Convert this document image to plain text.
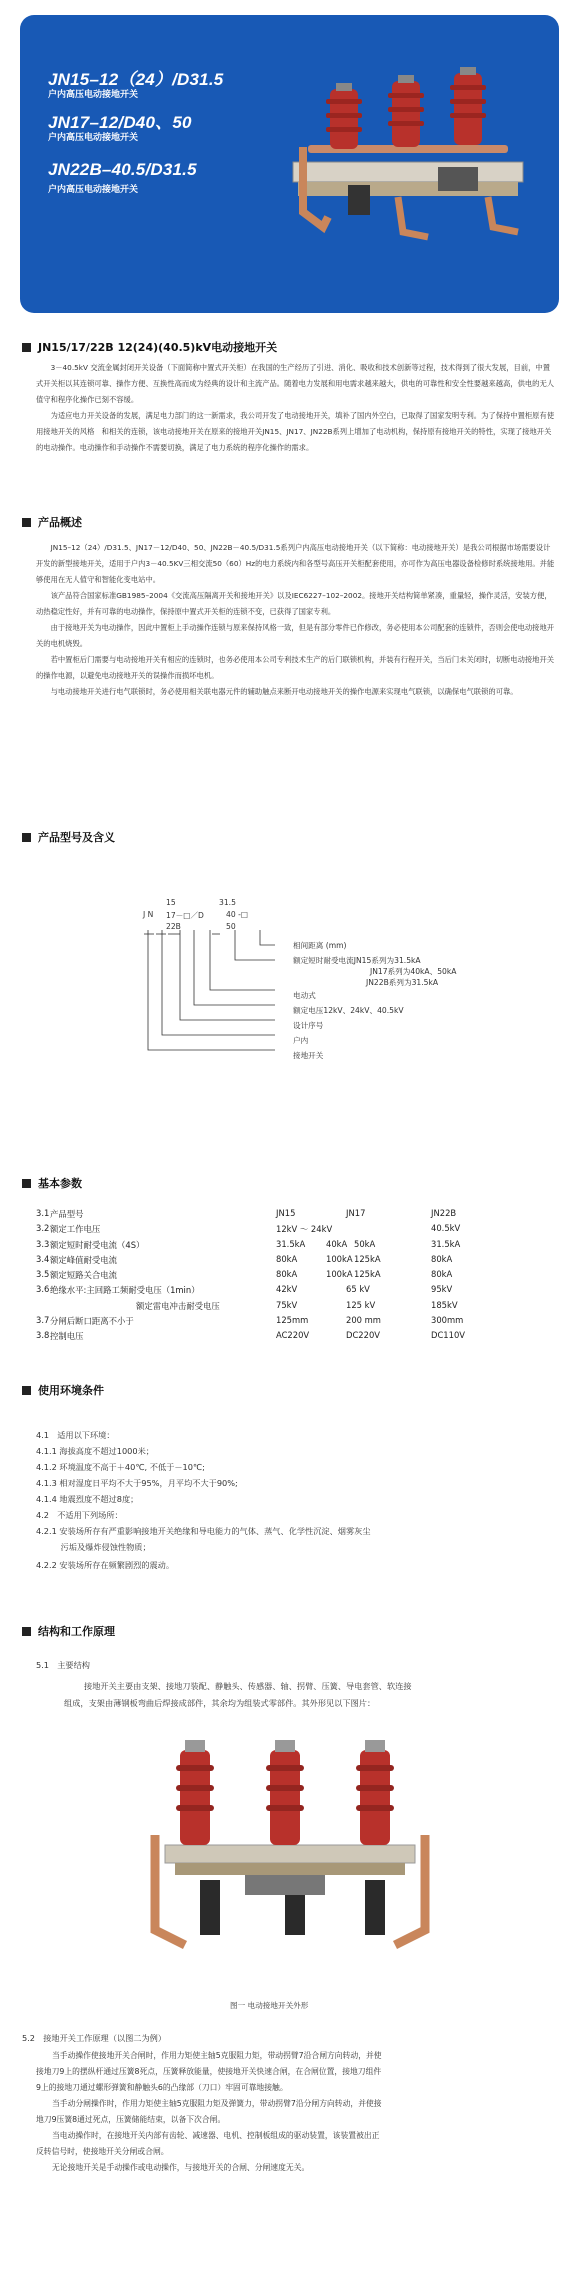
JN15–12（24）/D31.5
户内高压电动接地开关
JN17–12/D40、50
户内高压电动接地开关
JN22B–40.5/D31.5
户内高压电动接地开关
JN15/17/22B 12(24)(40.5)kV电动接地开关

3－40.5kV 交流金属封闭开关设备（下面简称中置式开关柜）在我国的生产经历了引进、消化、吸收和技术创新等过程，技术得到了很大发展，目前，中置式开关柜以其连锁可靠、操作方便、互换性高而成为经典的设计和主流产品。随着电力发展和用电需求越来越大，供电的可靠性和安全性要越来越高，供电的无人值守和程序化操作已刻不容缓。

为适应电力开关设备的发展，满足电力部门的这一新需求，我公司开发了电动接地开关，填补了国内外空白，已取得了国家发明专利。为了保持中置柜原有使用接地开关的风格　和相关的连锁，该电动接地开关在原来的接地开关JN15、JN17、JN22B系列上增加了电动机构，保持原有接地开关的特性，实现了接地开关的电动操作。电动操作和手动操作不需要切换，满足了电力系统的程序化操作的需求。

产品概述

JN15–12（24）/D31.5、JN17－12/D40、50、JN22B－40.5/D31.5系列户内高压电动接地开关（以下简称：电动接地开关）是我公司根据市场需要设计开发的新型接地开关，适用于户内3－40.5KV三相交流50（60）Hz的电力系统内和各型号高压开关柜配套使用，亦可作为高压电器设备检修时系统接地用。并能够使用在无人值守和智能化变电站中。

该产品符合国家标准GB1985–2004《交流高压隔离开关和接地开关》以及IEC6227–102–2002。接地开关结构简单紧凑，重量轻，操作灵活，安装方便，动热稳定性好，并有可靠的电动操作，保持原中置式开关柜的连锁不变，已获得了国家专利。

由于接地开关为电动操作，因此中置柜上手动操作连锁与原来保持风格一致，但是有部分零件已作修改，务必使用本公司配套的连锁件，否则会使电动接地开关的电机烧毁。

若中置柜后门需要与电动接地开关有相应的连锁时，也务必使用本公司专利技术生产的后门联锁机构，并装有行程开关，当后门未关闭时，切断电动接地开关的操作电源，以避免电动接地开关的误操作而损坏电机。

与电动接地开关进行电气联锁时，务必使用相关联电器元件的辅助触点来断开电动接地开关的操作电源来实现电气联锁，以确保电气联锁的可靠。

产品型号及含义
15	31.5
J N 17－□／D	40 -□
22B	50
相间距离 (mm)
额定短时耐受电流JN15系列为31.5kA
JN17系列为40kA、50kA
JN22B系列为31.5kA
电动式
额定电压12kV、24kV、40.5kV
设计序号
户内
接地开关
基本参数
3.1 产品型号	JN15	JN17	JN22B
3.2 额定工作电压	12kV ～ 24kV	40.5kV
3.3 额定短时耐受电流（4S）	31.5kA 40kA 50kA	31.5kA
3.4 额定峰值耐受电流	80kA	100kA 125kA	80kA
3.5 额定短路关合电流	80kA	100kA 125kA	80kA
3.6 绝缘水平:主回路工频耐受电压（1min）	42kV	65 kV	95kV
额定雷电冲击耐受电压	75kV	125 kV	185kV
3.7 分闸后断口距离不小于	125mm	200 mm	300mm
3.8 控制电压	AC220V	DC220V	DC110V
使用环境条件
4.1　适用以下环境：
4.1.1 海拔高度不超过1000米；
4.1.2 环境温度不高于＋40℃, 不低于－10℃;
4.1.3 相对湿度日平均不大于95%，月平均不大于90%;
4.1.4 地震烈度不超过8度；
4.2　不适用下列场所：
4.2.1 安装场所存有严重影响接地开关绝缘和导电能力的气体、蒸气、化学性沉淀、烟雾灰尘
　　　污垢及爆炸侵蚀性物质；
4.2.2 安装场所存在频繁剧烈的震动。
结构和工作原理
5.1　主要结构
接地开关主要由支架、接地刀装配、静触头、传感器、轴、拐臂、压簧、导电套管、软连接
组成，支架由薄钢板弯曲后焊接成部件，其余均为组装式零部件。其外形见以下图片：
图一 电动接地开关外形
5.2　接地开关工作原理（以图二为例）
当手动操作使接地开关合闸时，作用力矩使主轴5克服阻力矩，带动拐臂7沿合闸方向转动，并使
接地刀9上的摆纵杆通过压簧8死点，压簧释放能量，使接地开关快速合闸，在合闸位置，接地刀组件
9上的接地刀通过螺形弹簧和静触头6的凸缘部（刀口）牢固可靠地接触。
当手动分闸操作时，作用力矩使主轴5克服阻力矩及弹簧力，带动拐臂7沿分闸方向转动，并使接
地刀9压簧8通过死点，压簧储能结束，以备下次合闸。
当电动操作时，在接地开关内部有齿轮、减速器、电机、控制板组成的驱动装置，该装置被出正
反转信号时，使接地开关分闸或合闸。
无论接地开关是手动操作或电动操作，与接地开关的合闸、分闸速度无关。
